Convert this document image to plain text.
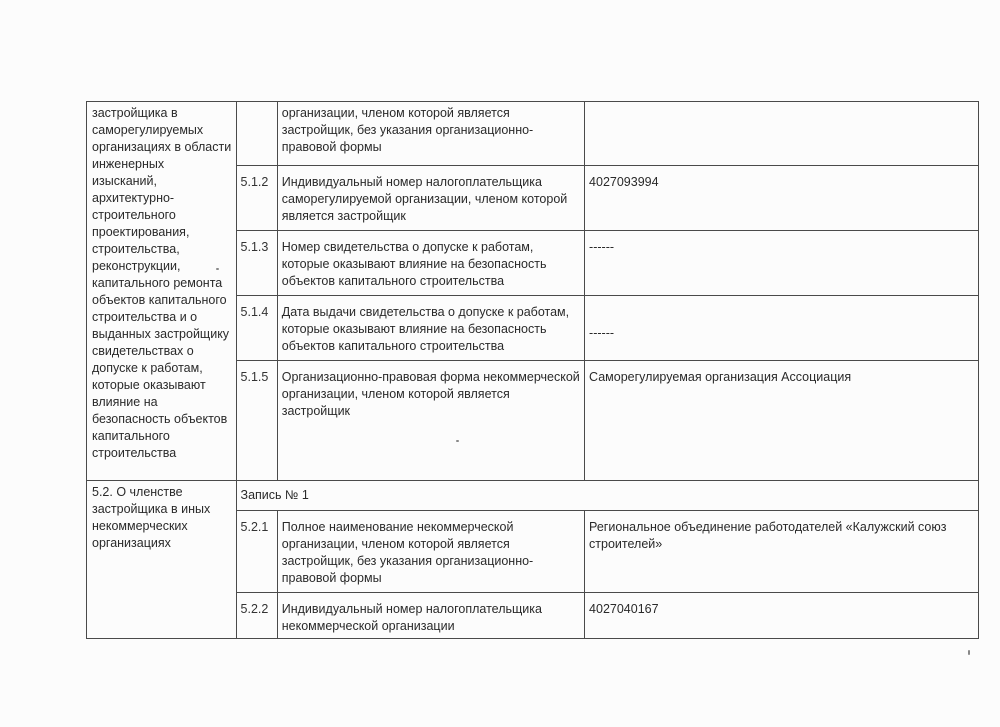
застройщика в саморегулируемых организациях в области инженерных изысканий, архитектурно-строительного проектирования, строительства, реконструкции, капитального ремонта объектов капитального строительства и о выданных застройщику свидетельствах о допуске к работам, которые оказывают влияние на безопасность объектов капитального строительства		организации, членом которой является застройщик, без указания организационно-правовой формы	
	5.1.2	Индивидуальный номер налогоплательщика саморегулируемой организации, членом которой является застройщик	4027093994
	5.1.3	Номер свидетельства о допуске к работам, которые оказывают влияние на безопасность объектов капитального строительства	------
	5.1.4	Дата выдачи свидетельства о допуске к работам, которые оказывают влияние на безопасность объектов капитального строительства	------
	5.1.5	Организационно-правовая форма некоммерческой организации, членом которой является застройщик	Саморегулируемая организация Ассоциация
5.2. О членстве застройщика в иных некоммерческих организациях	Запись № 1		
	5.2.1	Полное наименование некоммерческой организации, членом которой является застройщик, без указания организационно-правовой формы	Региональное объединение работодателей «Калужский союз строителей»
	5.2.2	Индивидуальный номер налогоплательщика некоммерческой организации	4027040167
